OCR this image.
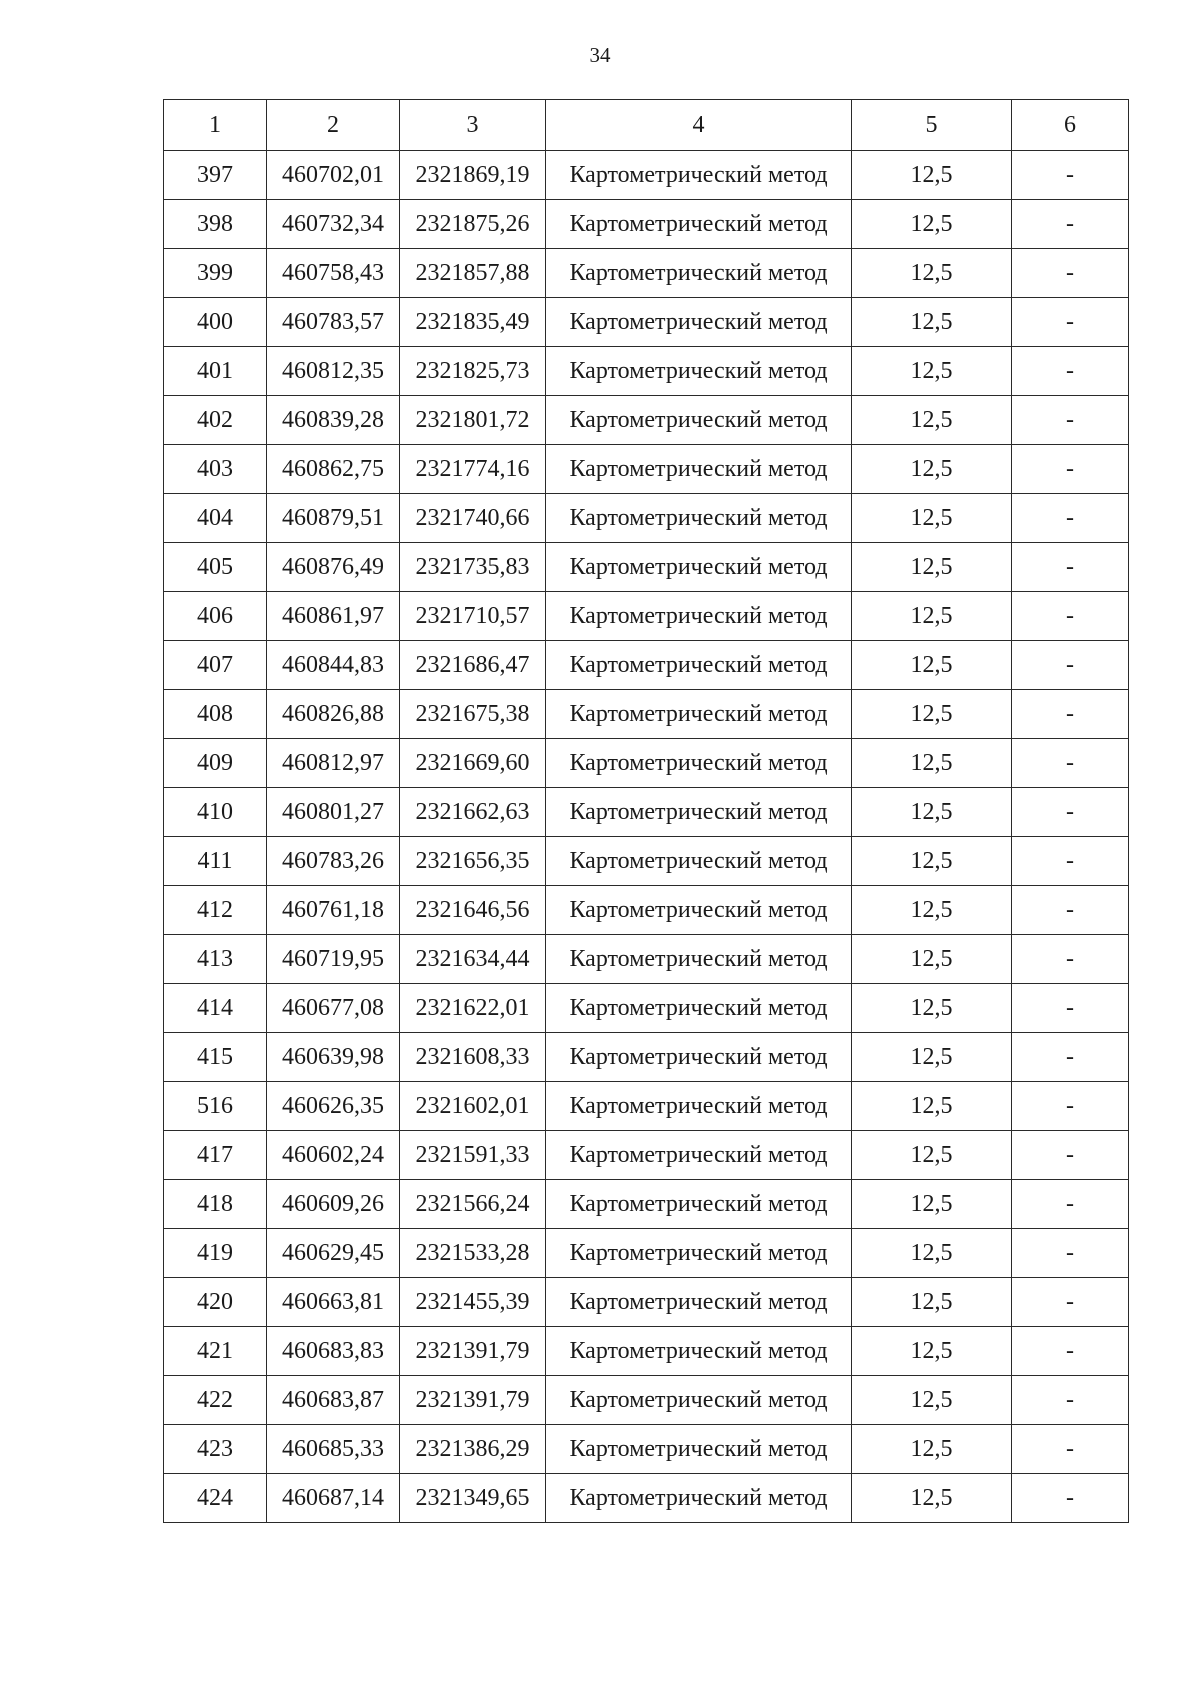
34
1	2	3	4	5	6
397	460702,01	2321869,19	Картометрический метод	12,5	-
398	460732,34	2321875,26	Картометрический метод	12,5	-
399	460758,43	2321857,88	Картометрический метод	12,5	-
400	460783,57	2321835,49	Картометрический метод	12,5	-
401	460812,35	2321825,73	Картометрический метод	12,5	-
402	460839,28	2321801,72	Картометрический метод	12,5	-
403	460862,75	2321774,16	Картометрический метод	12,5	-
404	460879,51	2321740,66	Картометрический метод	12,5	-
405	460876,49	2321735,83	Картометрический метод	12,5	-
406	460861,97	2321710,57	Картометрический метод	12,5	-
407	460844,83	2321686,47	Картометрический метод	12,5	-
408	460826,88	2321675,38	Картометрический метод	12,5	-
409	460812,97	2321669,60	Картометрический метод	12,5	-
410	460801,27	2321662,63	Картометрический метод	12,5	-
411	460783,26	2321656,35	Картометрический метод	12,5	-
412	460761,18	2321646,56	Картометрический метод	12,5	-
413	460719,95	2321634,44	Картометрический метод	12,5	-
414	460677,08	2321622,01	Картометрический метод	12,5	-
415	460639,98	2321608,33	Картометрический метод	12,5	-
516	460626,35	2321602,01	Картометрический метод	12,5	-
417	460602,24	2321591,33	Картометрический метод	12,5	-
418	460609,26	2321566,24	Картометрический метод	12,5	-
419	460629,45	2321533,28	Картометрический метод	12,5	-
420	460663,81	2321455,39	Картометрический метод	12,5	-
421	460683,83	2321391,79	Картометрический метод	12,5	-
422	460683,87	2321391,79	Картометрический метод	12,5	-
423	460685,33	2321386,29	Картометрический метод	12,5	-
424	460687,14	2321349,65	Картометрический метод	12,5	-
